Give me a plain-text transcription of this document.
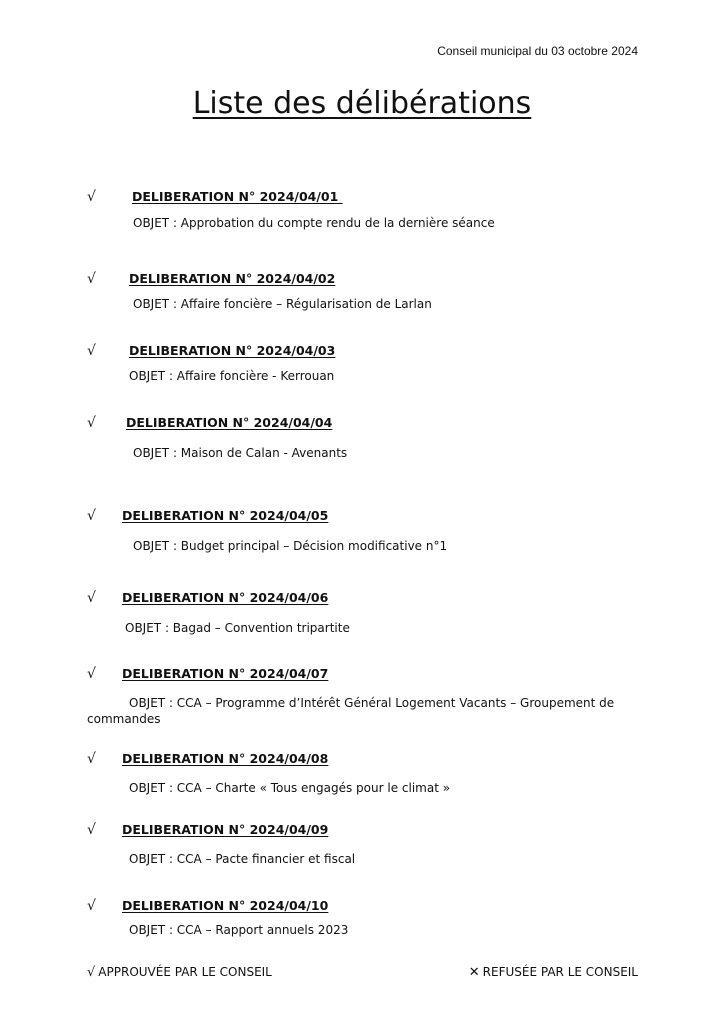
Conseil municipal du 03 octobre 2024
Liste des délibérations
√	DELIBERATION N° 2024/04/01
OBJET : Approbation du compte rendu de la dernière séance
√	DELIBERATION N° 2024/04/02
OBJET : Affaire foncière – Régularisation de Larlan
√	DELIBERATION N° 2024/04/03
OBJET : Affaire foncière - Kerrouan
√ DELIBERATION N° 2024/04/04
OBJET : Maison de Calan - Avenants
√ DELIBERATION N° 2024/04/05
OBJET : Budget principal – Décision modificative n°1
√ DELIBERATION N° 2024/04/06
OBJET : Bagad – Convention tripartite
√ DELIBERATION N° 2024/04/07
OBJET : CCA – Programme d’Intérêt Général Logement Vacants – Groupement de commandes
√ DELIBERATION N° 2024/04/08
OBJET : CCA – Charte « Tous engagés pour le climat »
√ DELIBERATION N° 2024/04/09
OBJET : CCA – Pacte financier et fiscal
√ DELIBERATION N° 2024/04/10
OBJET : CCA – Rapport annuels 2023
√ APPROUVÉE PAR LE CONSEIL	✕ REFUSÉE PAR LE CONSEIL
